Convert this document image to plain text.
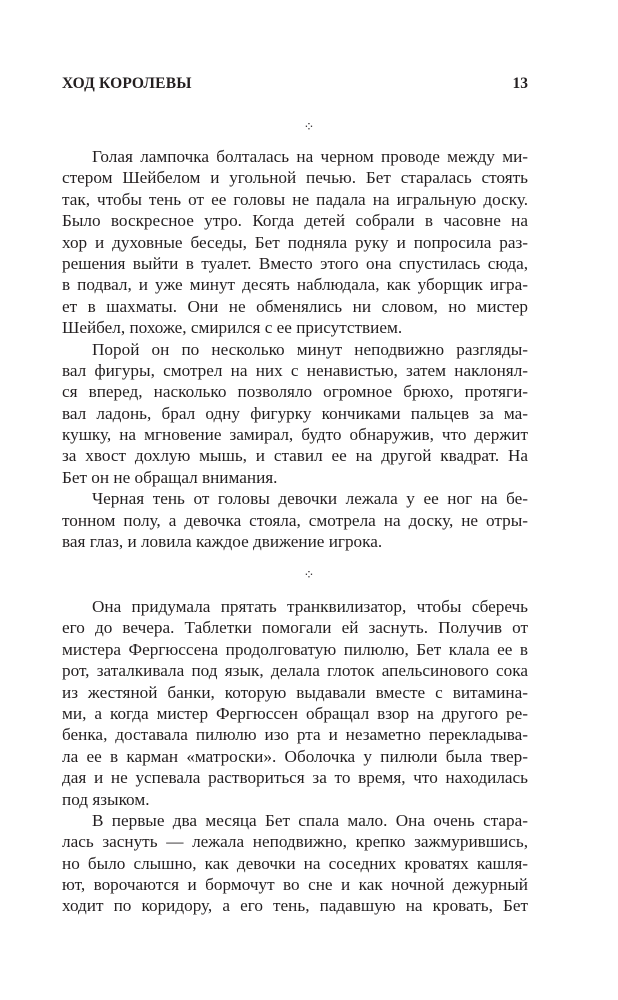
ХОД КОРОЛЕВЫ	13
⁘
Голая лампочка болталась на черном проводе между ми-
стером Шейбелом и угольной печью. Бет старалась стоять
так, чтобы тень от ее головы не падала на игральную доску.
Было воскресное утро. Когда детей собрали в часовне на
хор и духовные беседы, Бет подняла руку и попросила раз-
решения выйти в туалет. Вместо этого она спустилась сюда,
в подвал, и уже минут десять наблюдала, как уборщик игра-
ет в шахматы. Они не обменялись ни словом, но мистер
Шейбел, похоже, смирился с ее присутствием.
Порой он по несколько минут неподвижно разгляды-
вал фигуры, смотрел на них с ненавистью, затем наклонял-
ся вперед, насколько позволяло огромное брюхо, протяги-
вал ладонь, брал одну фигурку кончиками пальцев за ма-
кушку, на мгновение замирал, будто обнаружив, что держит
за хвост дохлую мышь, и ставил ее на другой квадрат. На
Бет он не обращал внимания.
Черная тень от головы девочки лежала у ее ног на бе-
тонном полу, а девочка стояла, смотрела на доску, не отры-
вая глаз, и ловила каждое движение игрока.
⁘
Она придумала прятать транквилизатор, чтобы сберечь
его до вечера. Таблетки помогали ей заснуть. Получив от
мистера Фергюссена продолговатую пилюлю, Бет клала ее в
рот, заталкивала под язык, делала глоток апельсинового сока
из жестяной банки, которую выдавали вместе с витамина-
ми, а когда мистер Фергюссен обращал взор на другого ре-
бенка, доставала пилюлю изо рта и незаметно перекладыва-
ла ее в карман «матроски». Оболочка у пилюли была твер-
дая и не успевала раствориться за то время, что находилась
под языком.
В первые два месяца Бет спала мало. Она очень стара-
лась заснуть — лежала неподвижно, крепко зажмурившись,
но было слышно, как девочки на соседних кроватях кашля-
ют, ворочаются и бормочут во сне и как ночной дежурный
ходит по коридору, а его тень, падавшую на кровать, Бет
